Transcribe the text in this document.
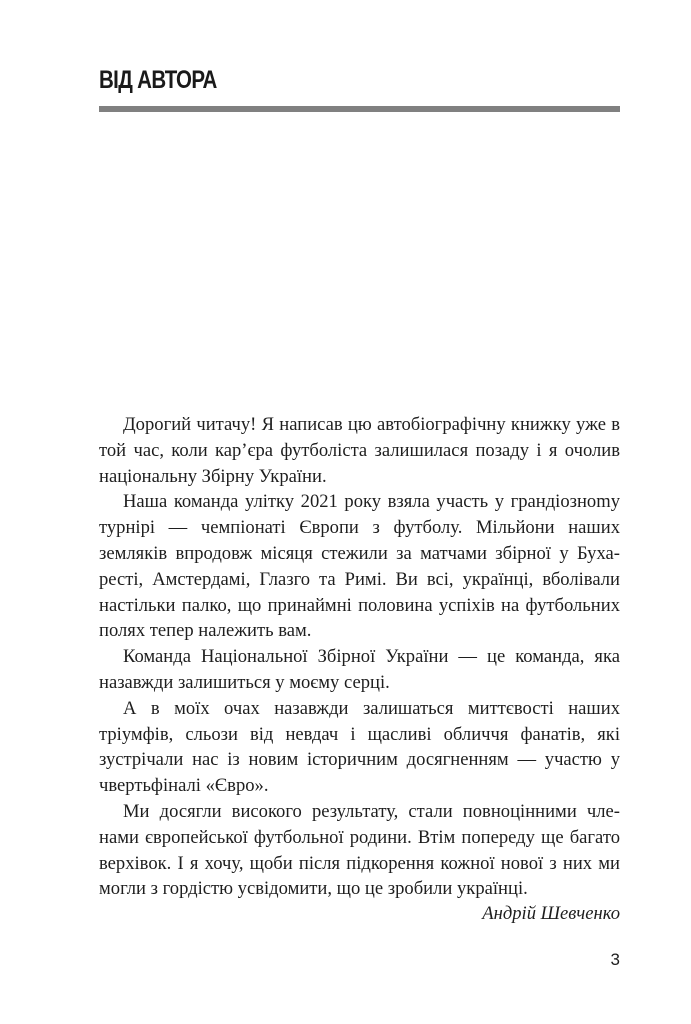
ВІД АВТОРА

Дорогий читачу! Я написав цю автобіографічну книжку уже в той час, коли кар’єра футболіста залишилася позаду і я очолив національну Збірну України.

Наша команда улітку 2021 року взяла участь у грандіозноmу турнірі — чемпіонаті Європи з футболу. Мільйони наших земляків впродовж місяця стежили за матчами збірної у Бухаресті, Амстердамі, Глазго та Римі. Ви всі, українці, вболівали настільки палко, що принаймні половина успіхів на футбольних полях тепер належить вам.

Команда Національної Збірної України — це команда, яка назавжди залишиться у моєму серці.

А в моїх очах назавжди залишаться миттєвості наших тріумфів, сльози від невдач і щасливі обличчя фанатів, які зустрічали нас із новим історичним досягненням — участю у чвертьфіналі «Євро».

Ми досягли високого результату, стали повноцінними членами європейської футбольної родини. Втім попереду ще багато верхівок. І я хочу, щоби після підкорення кожної нової з них ми могли з гордістю усвідомити, що це зробили українці.

Андрій Шевченко
3
